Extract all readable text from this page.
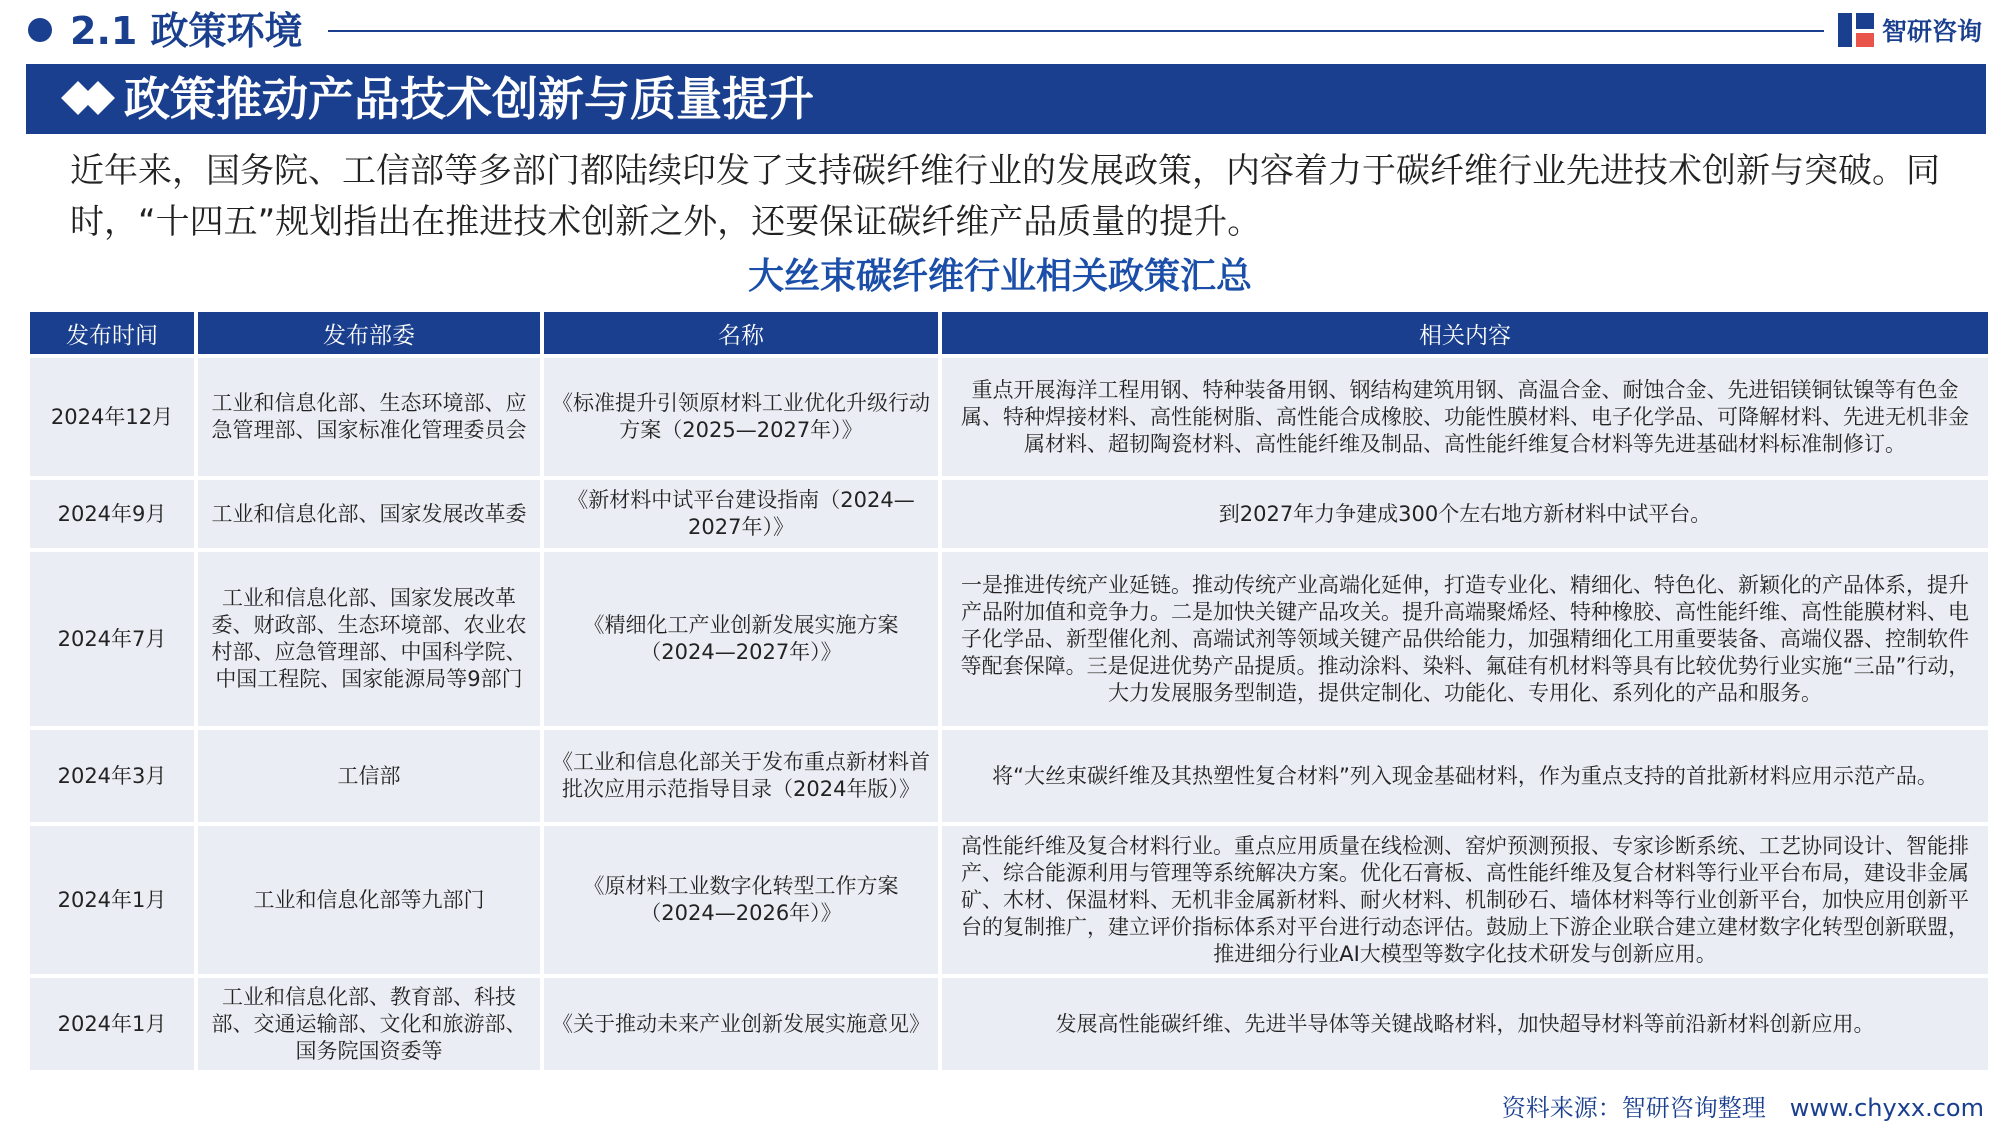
2.1 政策环境	智研咨询
政策推动产品技术创新与质量提升
近年来，国务院、工信部等多部门都陆续印发了支持碳纤维行业的发展政策，内容着力于碳纤维行业先进技术创新与突破。同时，“十四五”规划指出在推进技术创新之外，还要保证碳纤维产品质量的提升。
大丝束碳纤维行业相关政策汇总
发布时间	发布部委	名称	相关内容
2024年12月	工业和信息化部、生态环境部、应急管理部、国家标准化管理委员会	《标准提升引领原材料工业优化升级行动方案（2025—2027年）》	重点开展海洋工程用钢、特种装备用钢、钢结构建筑用钢、高温合金、耐蚀合金、先进铝镁铜钛镍等有色金属、特种焊接材料、高性能树脂、高性能合成橡胶、功能性膜材料、电子化学品、可降解材料、先进无机非金属材料、超韧陶瓷材料、高性能纤维及制品、高性能纤维复合材料等先进基础材料标准制修订。
2024年9月	工业和信息化部、国家发展改革委	《新材料中试平台建设指南（2024—2027年）》	到2027年力争建成300个左右地方新材料中试平台。
2024年7月	工业和信息化部、国家发展改革委、财政部、生态环境部、农业农村部、应急管理部、中国科学院、中国工程院、国家能源局等9部门	《精细化工产业创新发展实施方案（2024—2027年）》	一是推进传统产业延链。推动传统产业高端化延伸，打造专业化、精细化、特色化、新颖化的产品体系，提升产品附加值和竞争力。二是加快关键产品攻关。提升高端聚烯烃、特种橡胶、高性能纤维、高性能膜材料、电子化学品、新型催化剂、高端试剂等领域关键产品供给能力，加强精细化工用重要装备、高端仪器、控制软件等配套保障。三是促进优势产品提质。推动涂料、染料、氟硅有机材料等具有比较优势行业实施“三品”行动，大力发展服务型制造，提供定制化、功能化、专用化、系列化的产品和服务。
2024年3月	工信部	《工业和信息化部关于发布重点新材料首批次应用示范指导目录（2024年版）》	将“大丝束碳纤维及其热塑性复合材料”列入现金基础材料，作为重点支持的首批新材料应用示范产品。
2024年1月	工业和信息化部等九部门	《原材料工业数字化转型工作方案（2024—2026年）》	高性能纤维及复合材料行业。重点应用质量在线检测、窑炉预测预报、专家诊断系统、工艺协同设计、智能排产、综合能源利用与管理等系统解决方案。优化石膏板、高性能纤维及复合材料等行业平台布局，建设非金属矿、木材、保温材料、无机非金属新材料、耐火材料、机制砂石、墙体材料等行业创新平台，加快应用创新平台的复制推广，建立评价指标体系对平台进行动态评估。鼓励上下游企业联合建立建材数字化转型创新联盟，推进细分行业AI大模型等数字化技术研发与创新应用。
2024年1月	工业和信息化部、教育部、科技部、交通运输部、文化和旅游部、国务院国资委等	《关于推动未来产业创新发展实施意见》	发展高性能碳纤维、先进半导体等关键战略材料，加快超导材料等前沿新材料创新应用。
资料来源：智研咨询整理　www.chyxx.com
